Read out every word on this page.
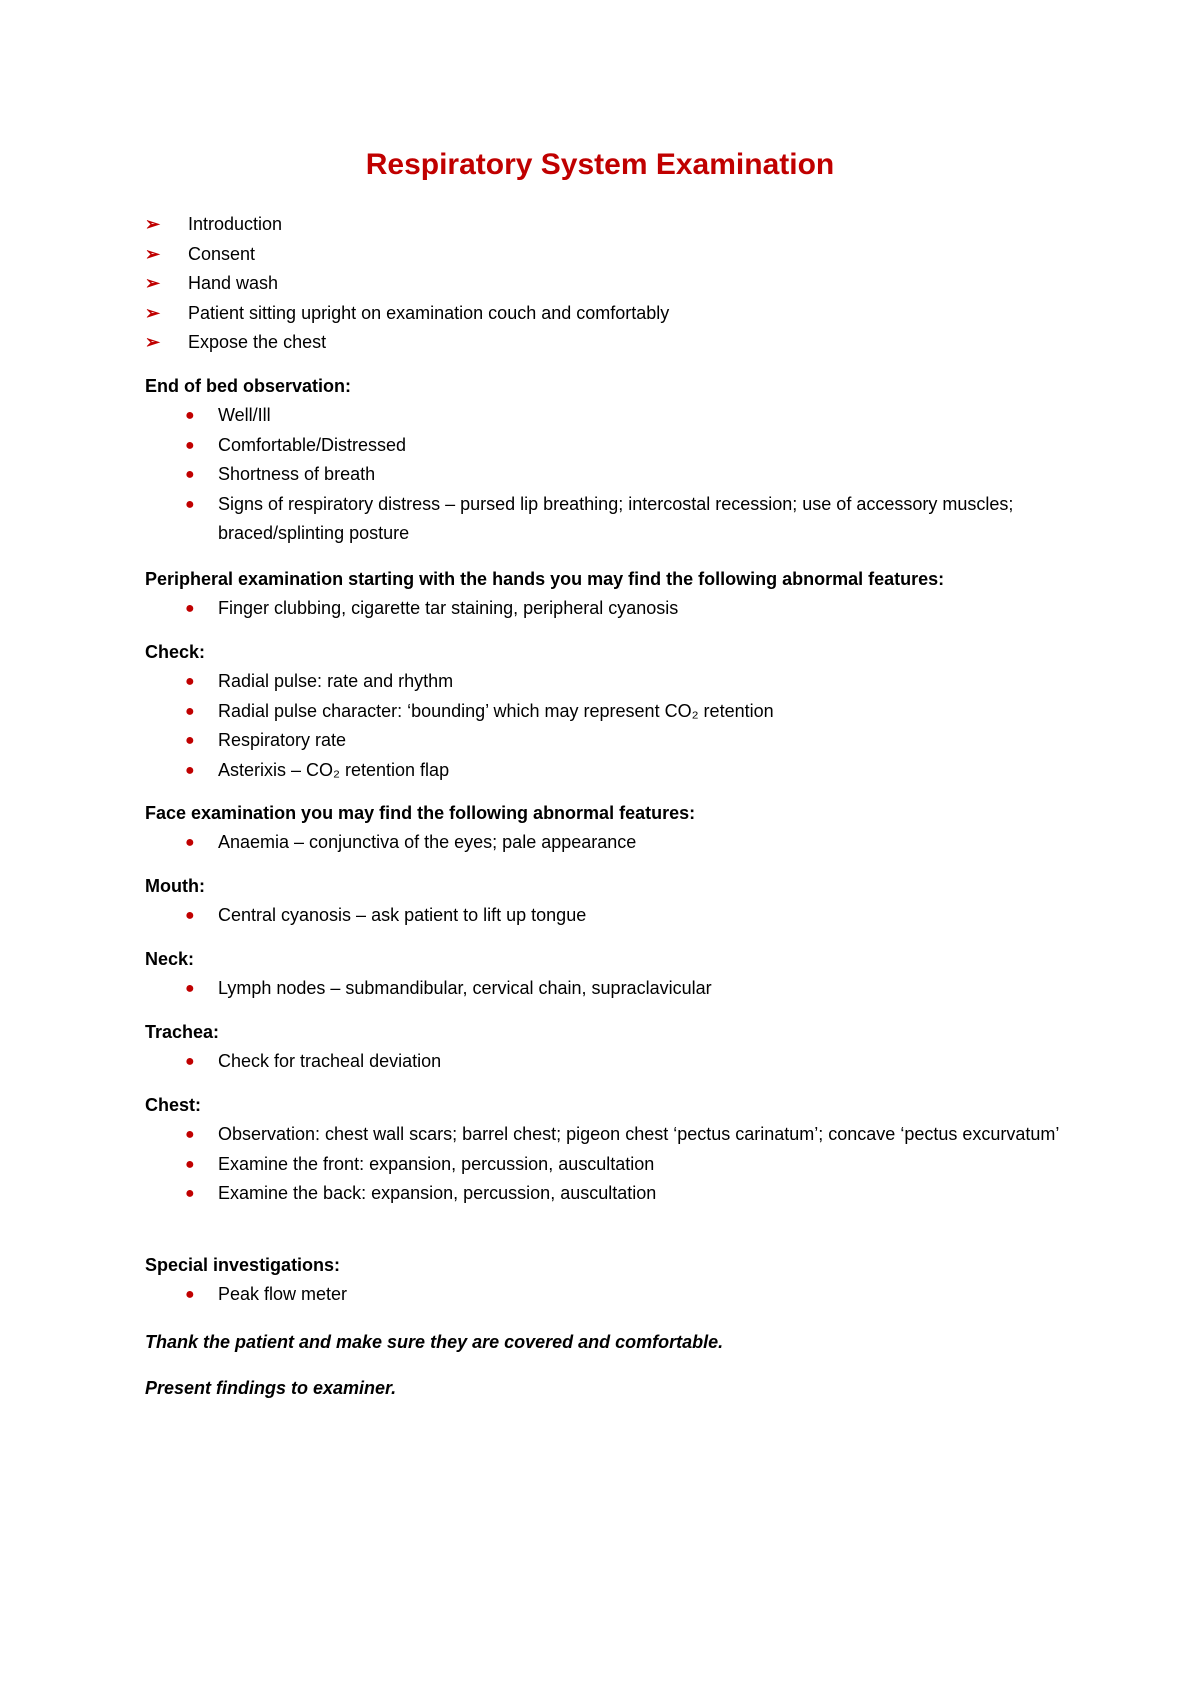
Respiratory System Examination
➢ Introduction
➢ Consent
➢ Hand wash
➢ Patient sitting upright on examination couch and comfortably
➢ Expose the chest

End of bed observation:

● Well/Ill
● Comfortable/Distressed
● Shortness of breath
● Signs of respiratory distress – pursed lip breathing; intercostal recession; use of accessory muscles; braced/splinting posture

Peripheral examination starting with the hands you may find the following abnormal features:

● Finger clubbing, cigarette tar staining, peripheral cyanosis

Check:

● Radial pulse: rate and rhythm
● Radial pulse character: ‘bounding’ which may represent CO₂ retention
● Respiratory rate
● Asterixis – CO₂ retention flap

Face examination you may find the following abnormal features:

● Anaemia – conjunctiva of the eyes; pale appearance

Mouth:

● Central cyanosis – ask patient to lift up tongue

Neck:

● Lymph nodes – submandibular, cervical chain, supraclavicular

Trachea:

● Check for tracheal deviation

Chest:

● Observation: chest wall scars; barrel chest; pigeon chest ‘pectus carinatum’; concave ‘pectus excurvatum’
● Examine the front: expansion, percussion, auscultation
● Examine the back: expansion, percussion, auscultation

Special investigations:

● Peak flow meter

Thank the patient and make sure they are covered and comfortable.

Present findings to examiner.
